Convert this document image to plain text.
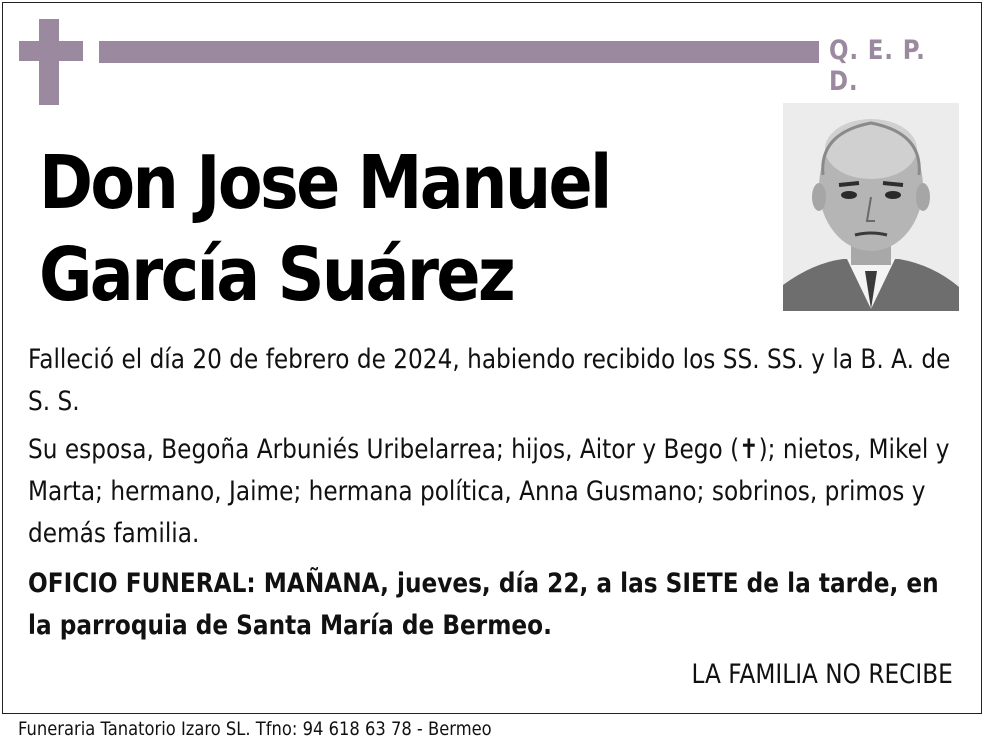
Q. E. P. D.
Don Jose Manuel
García Suárez
Falleció el día 20 de febrero de 2024, habiendo recibido los SS. SS. y la B. A. de S. S.
Su esposa, Begoña Arbuniés Uribelarrea; hijos, Aitor y Bego (✝); nietos, Mikel y Marta; hermano, Jaime; hermana política, Anna Gusmano; sobrinos, primos y demás familia.
OFICIO FUNERAL: MAÑANA, jueves, día 22, a las SIETE de la tarde, en la parroquia de Santa María de Bermeo.
LA FAMILIA NO RECIBE
Funeraria Tanatorio Izaro SL. Tfno: 94 618 63 78 - Bermeo
